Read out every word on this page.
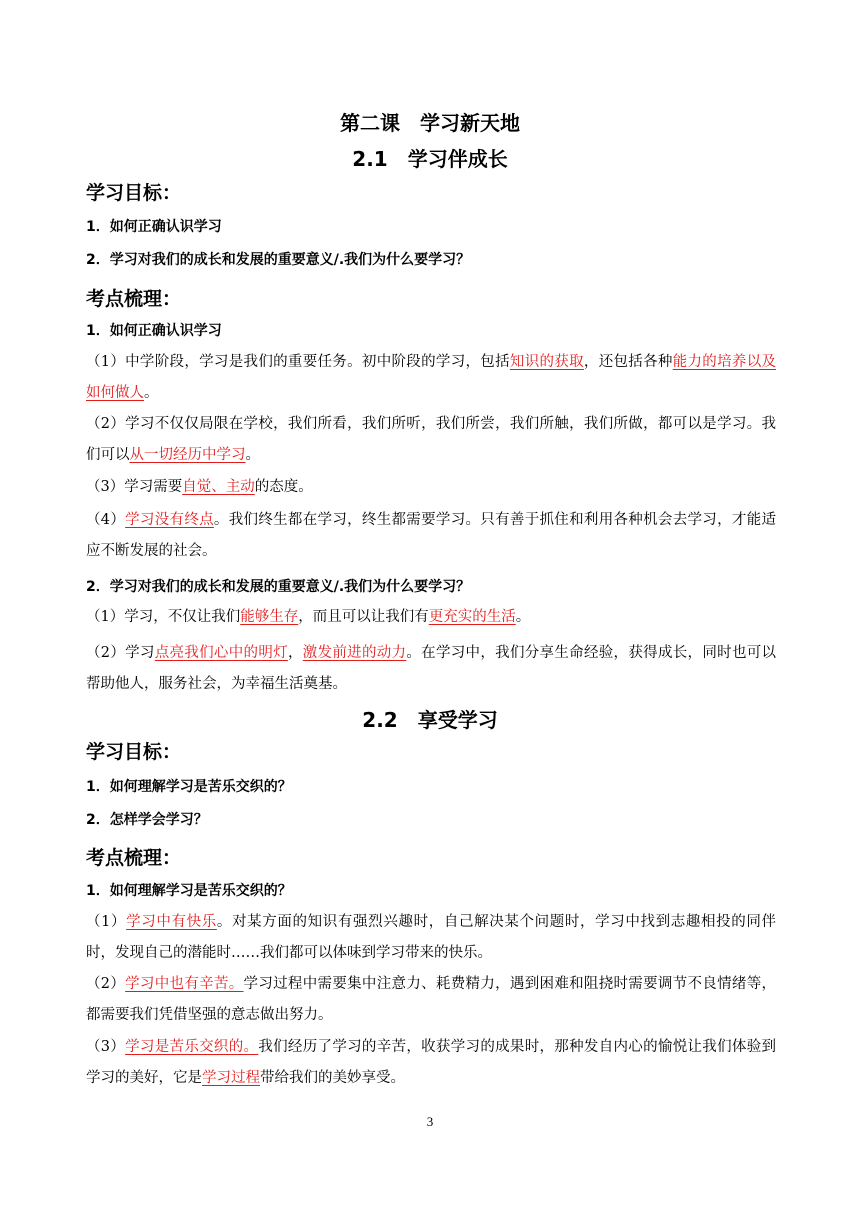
第二课　学习新天地
2.1　学习伴成长
学习目标：
1．如何正确认识学习
2．学习对我们的成长和发展的重要意义/.我们为什么要学习？
考点梳理：
1．如何正确认识学习
（1）中学阶段，学习是我们的重要任务。初中阶段的学习，包括知识的获取，还包括各种能力的培养以及如何做人。
（2）学习不仅仅局限在学校，我们所看，我们所听，我们所尝，我们所触，我们所做，都可以是学习。我们可以从一切经历中学习。
（3）学习需要自觉、主动的态度。
（4）学习没有终点。我们终生都在学习，终生都需要学习。只有善于抓住和利用各种机会去学习，才能适应不断发展的社会。
2．学习对我们的成长和发展的重要意义/.我们为什么要学习？
（1）学习，不仅让我们能够生存，而且可以让我们有更充实的生活。
（2）学习点亮我们心中的明灯，激发前进的动力。在学习中，我们分享生命经验，获得成长，同时也可以帮助他人，服务社会，为幸福生活奠基。
2.2　享受学习
学习目标：
1．如何理解学习是苦乐交织的？
2．怎样学会学习？
考点梳理：
1．如何理解学习是苦乐交织的？
（1）学习中有快乐。对某方面的知识有强烈兴趣时，自己解决某个问题时，学习中找到志趣相投的同伴时，发现自己的潜能时……我们都可以体味到学习带来的快乐。
（2）学习中也有辛苦。学习过程中需要集中注意力、耗费精力，遇到困难和阻挠时需要调节不良情绪等，都需要我们凭借坚强的意志做出努力。
（3）学习是苦乐交织的。我们经历了学习的辛苦，收获学习的成果时，那种发自内心的愉悦让我们体验到学习的美好，它是学习过程带给我们的美妙享受。
3
